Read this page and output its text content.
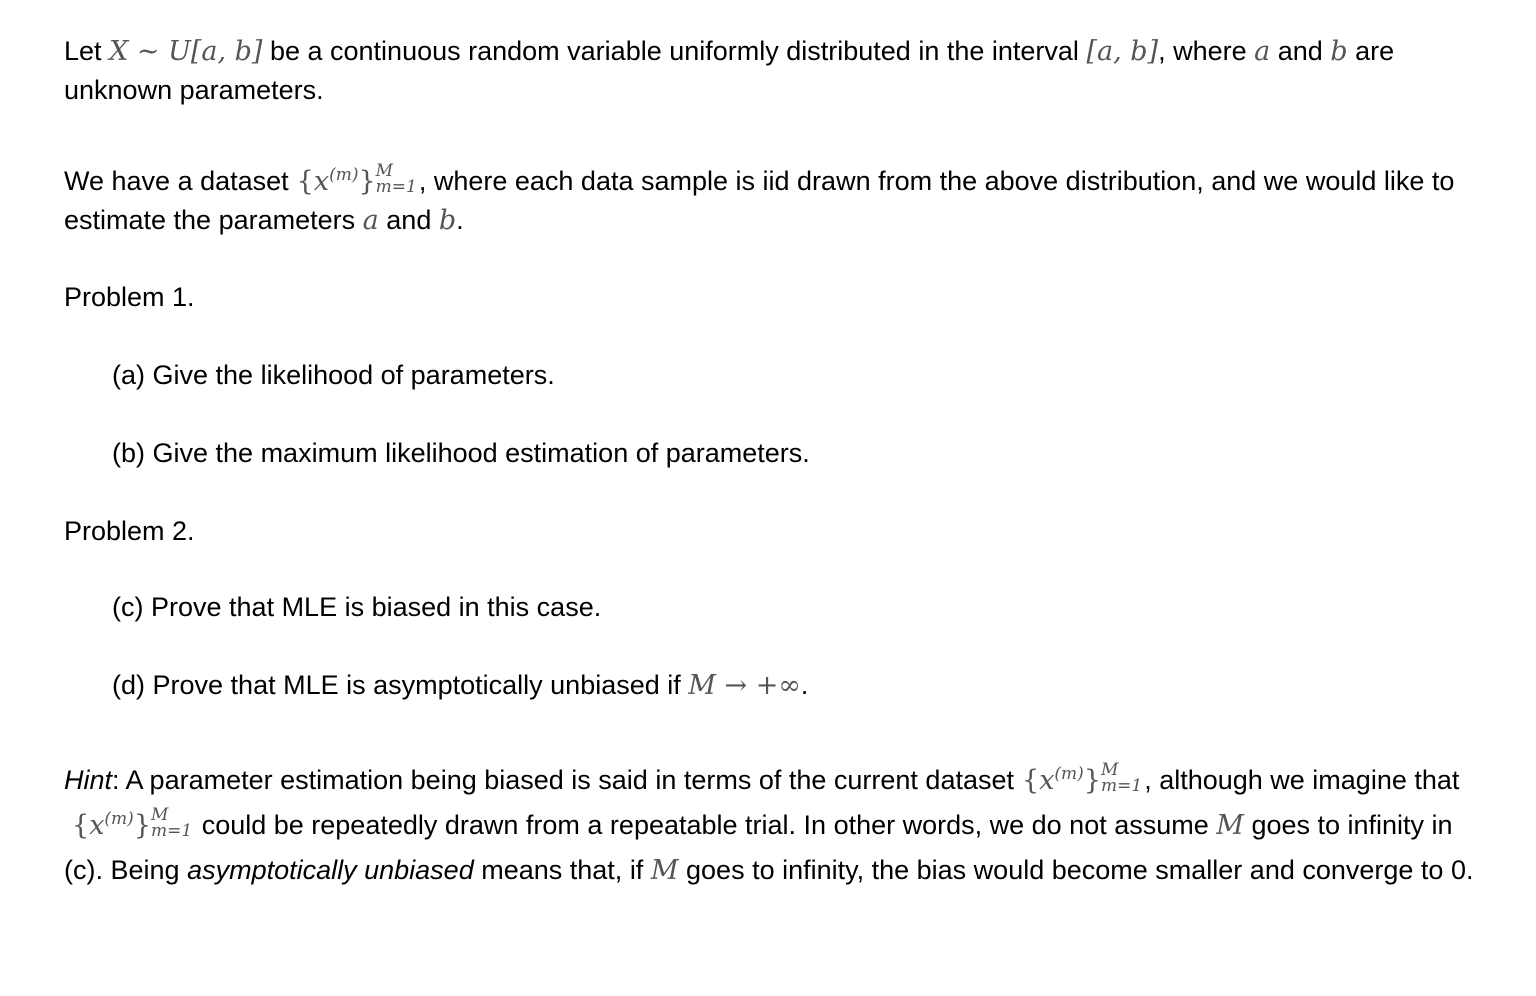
Let X ∼ U[a, b] be a continuous random variable uniformly distributed in the interval [a, b], where a and b are unknown parameters.

We have a dataset $\{x^{(m)}\}$ M
m=1 , where each data sample is iid drawn from the above distribution, and we would like to estimate the parameters a and b.

Problem 1.

(a) Give the likelihood of parameters.

(b) Give the maximum likelihood estimation of parameters.

Problem 2.

(c) Prove that MLE is biased in this case.

(d) Prove that MLE is asymptotically unbiased if M → +∞.

Hint: A parameter estimation being biased is said in terms of the current dataset $\{x^{(m)}\}$ M
m=1 , although we imagine $that\{x^{(m)}\}$ M
m=1 could be repeatedly drawn from a repeatable trial. In other words, we do not assume M goes to infinity in (c). Being asymptotically unbiased means that, if M goes to infinity, the bias would become smaller and converge to 0.
